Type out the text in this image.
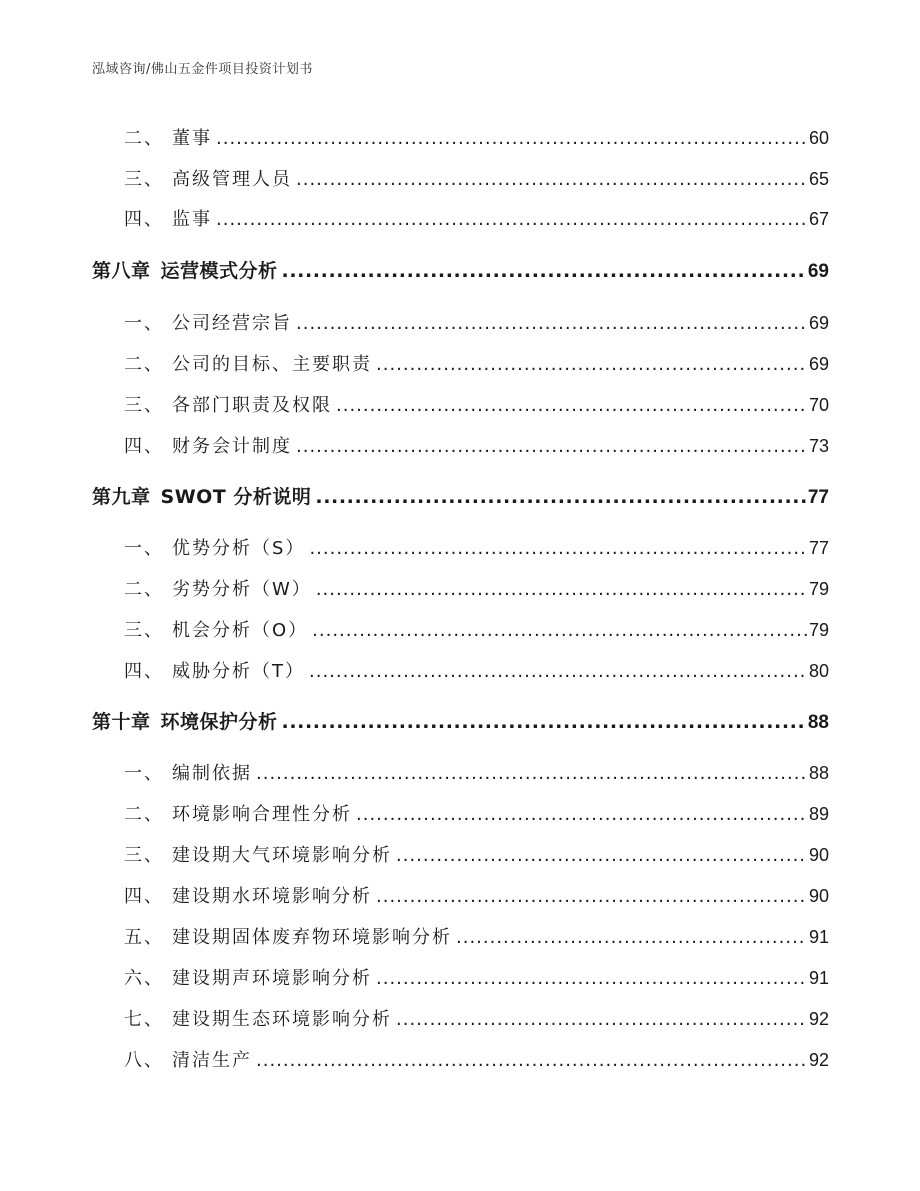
泓域咨询/佛山五金件项目投资计划书
二、 董事 .....	60
三、 高级管理人员 .....	65
四、 监事 .....	67
第八章 运营模式分析 .....	69
一、 公司经营宗旨 .....	69
二、 公司的目标、主要职责 .....	69
三、 各部门职责及权限 .....	70
四、 财务会计制度 .....	73
第九章 SWOT 分析说明 .....	77
一、 优势分析（S） .....	77
二、 劣势分析（W） .....	79
三、 机会分析（O） .....	79
四、 威胁分析（T） .....	80
第十章 环境保护分析 .....	88
一、 编制依据 .....	88
二、 环境影响合理性分析 .....	89
三、 建设期大气环境影响分析 .....	90
四、 建设期水环境影响分析 .....	90
五、 建设期固体废弃物环境影响分析 .....	91
六、 建设期声环境影响分析 .....	91
七、 建设期生态环境影响分析 .....	92
八、 清洁生产 .....	92
